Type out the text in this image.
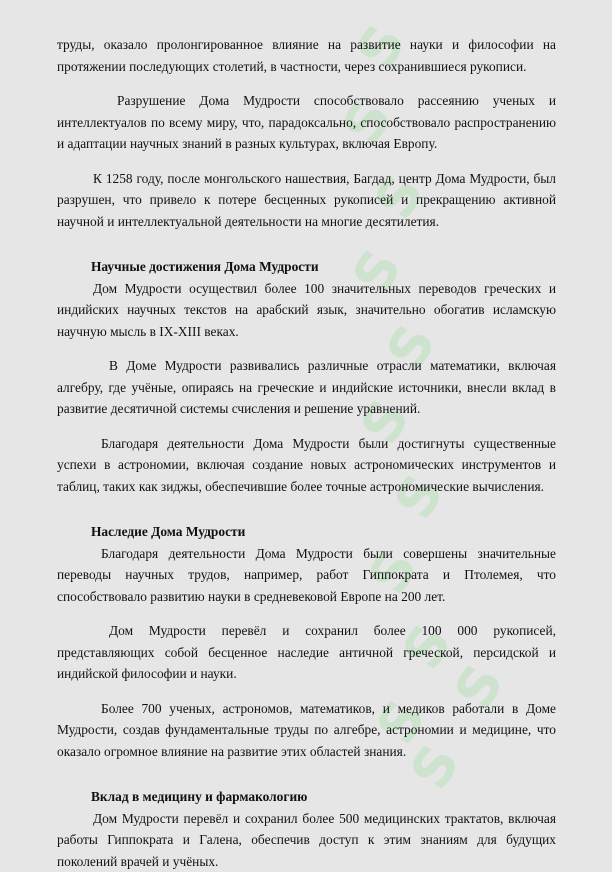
S
S
S
S
S
S
S
S
S
S
S
S

труды, оказало пролонгированное влияние на развитие науки и философии на протяжении последующих столетий, в частности, через сохранившиеся рукописи.

Разрушение Дома Мудрости способствовало рассеянию ученых и интеллектуалов по всему миру, что, парадоксально, способствовало распространению и адаптации научных знаний в разных культурах, включая Европу.

К 1258 году, после монгольского нашествия, Багдад, центр Дома Мудрости, был разрушен, что привело к потере бесценных рукописей и прекращению активной научной и интеллектуальной деятельности на многие десятилетия.

Научные достижения Дома Мудрости

Дом Мудрости осуществил более 100 значительных переводов греческих и индийских научных текстов на арабский язык, значительно обогатив исламскую научную мысль в IX-XIII веках.

В Доме Мудрости развивались различные отрасли математики, включая алгебру, где учёные, опираясь на греческие и индийские источники, внесли вклад в развитие десятичной системы счисления и решение уравнений.

Благодаря деятельности Дома Мудрости были достигнуты существенные успехи в астрономии, включая создание новых астрономических инструментов и таблиц, таких как зиджы, обеспечившие более точные астрономические вычисления.

Наследие Дома Мудрости

Благодаря деятельности Дома Мудрости были совершены значительные переводы научных трудов, например, работ Гиппократа и Птолемея, что способствовало развитию науки в средневековой Европе на 200 лет.

Дом Мудрости перевёл и сохранил более 100 000 рукописей, представляющих собой бесценное наследие античной греческой, персидской и индийской философии и науки.

Более 700 ученых, астрономов, математиков, и медиков работали в Доме Мудрости, создав фундаментальные труды по алгебре, астрономии и медицине, что оказало огромное влияние на развитие этих областей знания.

Вклад в медицину и фармакологию

Дом Мудрости перевёл и сохранил более 500 медицинских трактатов, включая работы Гиппократа и Галена, обеспечив доступ к этим знаниям для будущих поколений врачей и учёных.
